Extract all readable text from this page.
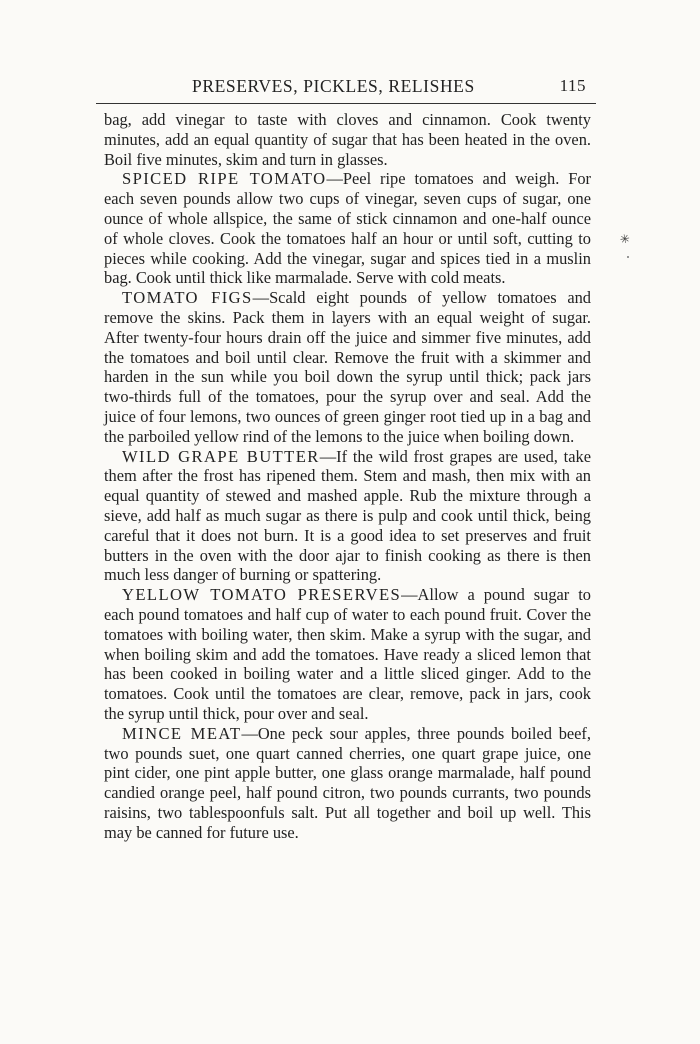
PRESERVES, PICKLES, RELISHES	115

bag, add vinegar to taste with cloves and cinnamon. Cook twenty minutes, add an equal quantity of sugar that has been heated in the oven. Boil five minutes, skim and turn in glasses.

SPICED RIPE TOMATO—Peel ripe tomatoes and weigh. For each seven pounds allow two cups of vinegar, seven cups of sugar, one ounce of whole allspice, the same of stick cinnamon and one-half ounce of whole cloves. Cook the tomatoes half an hour or until soft, cutting to pieces while cooking. Add the vinegar, sugar and spices tied in a muslin bag. Cook until thick like marmalade. Serve with cold meats.

TOMATO FIGS—Scald eight pounds of yellow tomatoes and remove the skins. Pack them in layers with an equal weight of sugar. After twenty-four hours drain off the juice and simmer five minutes, add the tomatoes and boil until clear. Remove the fruit with a skimmer and harden in the sun while you boil down the syrup until thick; pack jars two-thirds full of the tomatoes, pour the syrup over and seal. Add the juice of four lemons, two ounces of green ginger root tied up in a bag and the parboiled yellow rind of the lemons to the juice when boiling down.

WILD GRAPE BUTTER—If the wild frost grapes are used, take them after the frost has ripened them. Stem and mash, then mix with an equal quantity of stewed and mashed apple. Rub the mixture through a sieve, add half as much sugar as there is pulp and cook until thick, being careful that it does not burn. It is a good idea to set preserves and fruit butters in the oven with the door ajar to finish cooking as there is then much less danger of burning or spattering.

YELLOW TOMATO PRESERVES—Allow a pound sugar to each pound tomatoes and half cup of water to each pound fruit. Cover the tomatoes with boiling water, then skim. Make a syrup with the sugar, and when boiling skim and add the tomatoes. Have ready a sliced lemon that has been cooked in boiling water and a little sliced ginger. Add to the tomatoes. Cook until the tomatoes are clear, remove, pack in jars, cook the syrup until thick, pour over and seal.

MINCE MEAT—One peck sour apples, three pounds boiled beef, two pounds suet, one quart canned cherries, one quart grape juice, one pint cider, one pint apple butter, one glass orange marmalade, half pound candied orange peel, half pound citron, two pounds currants, two pounds raisins, two tablespoonfuls salt. Put all together and boil up well. This may be canned for future use.

✳
